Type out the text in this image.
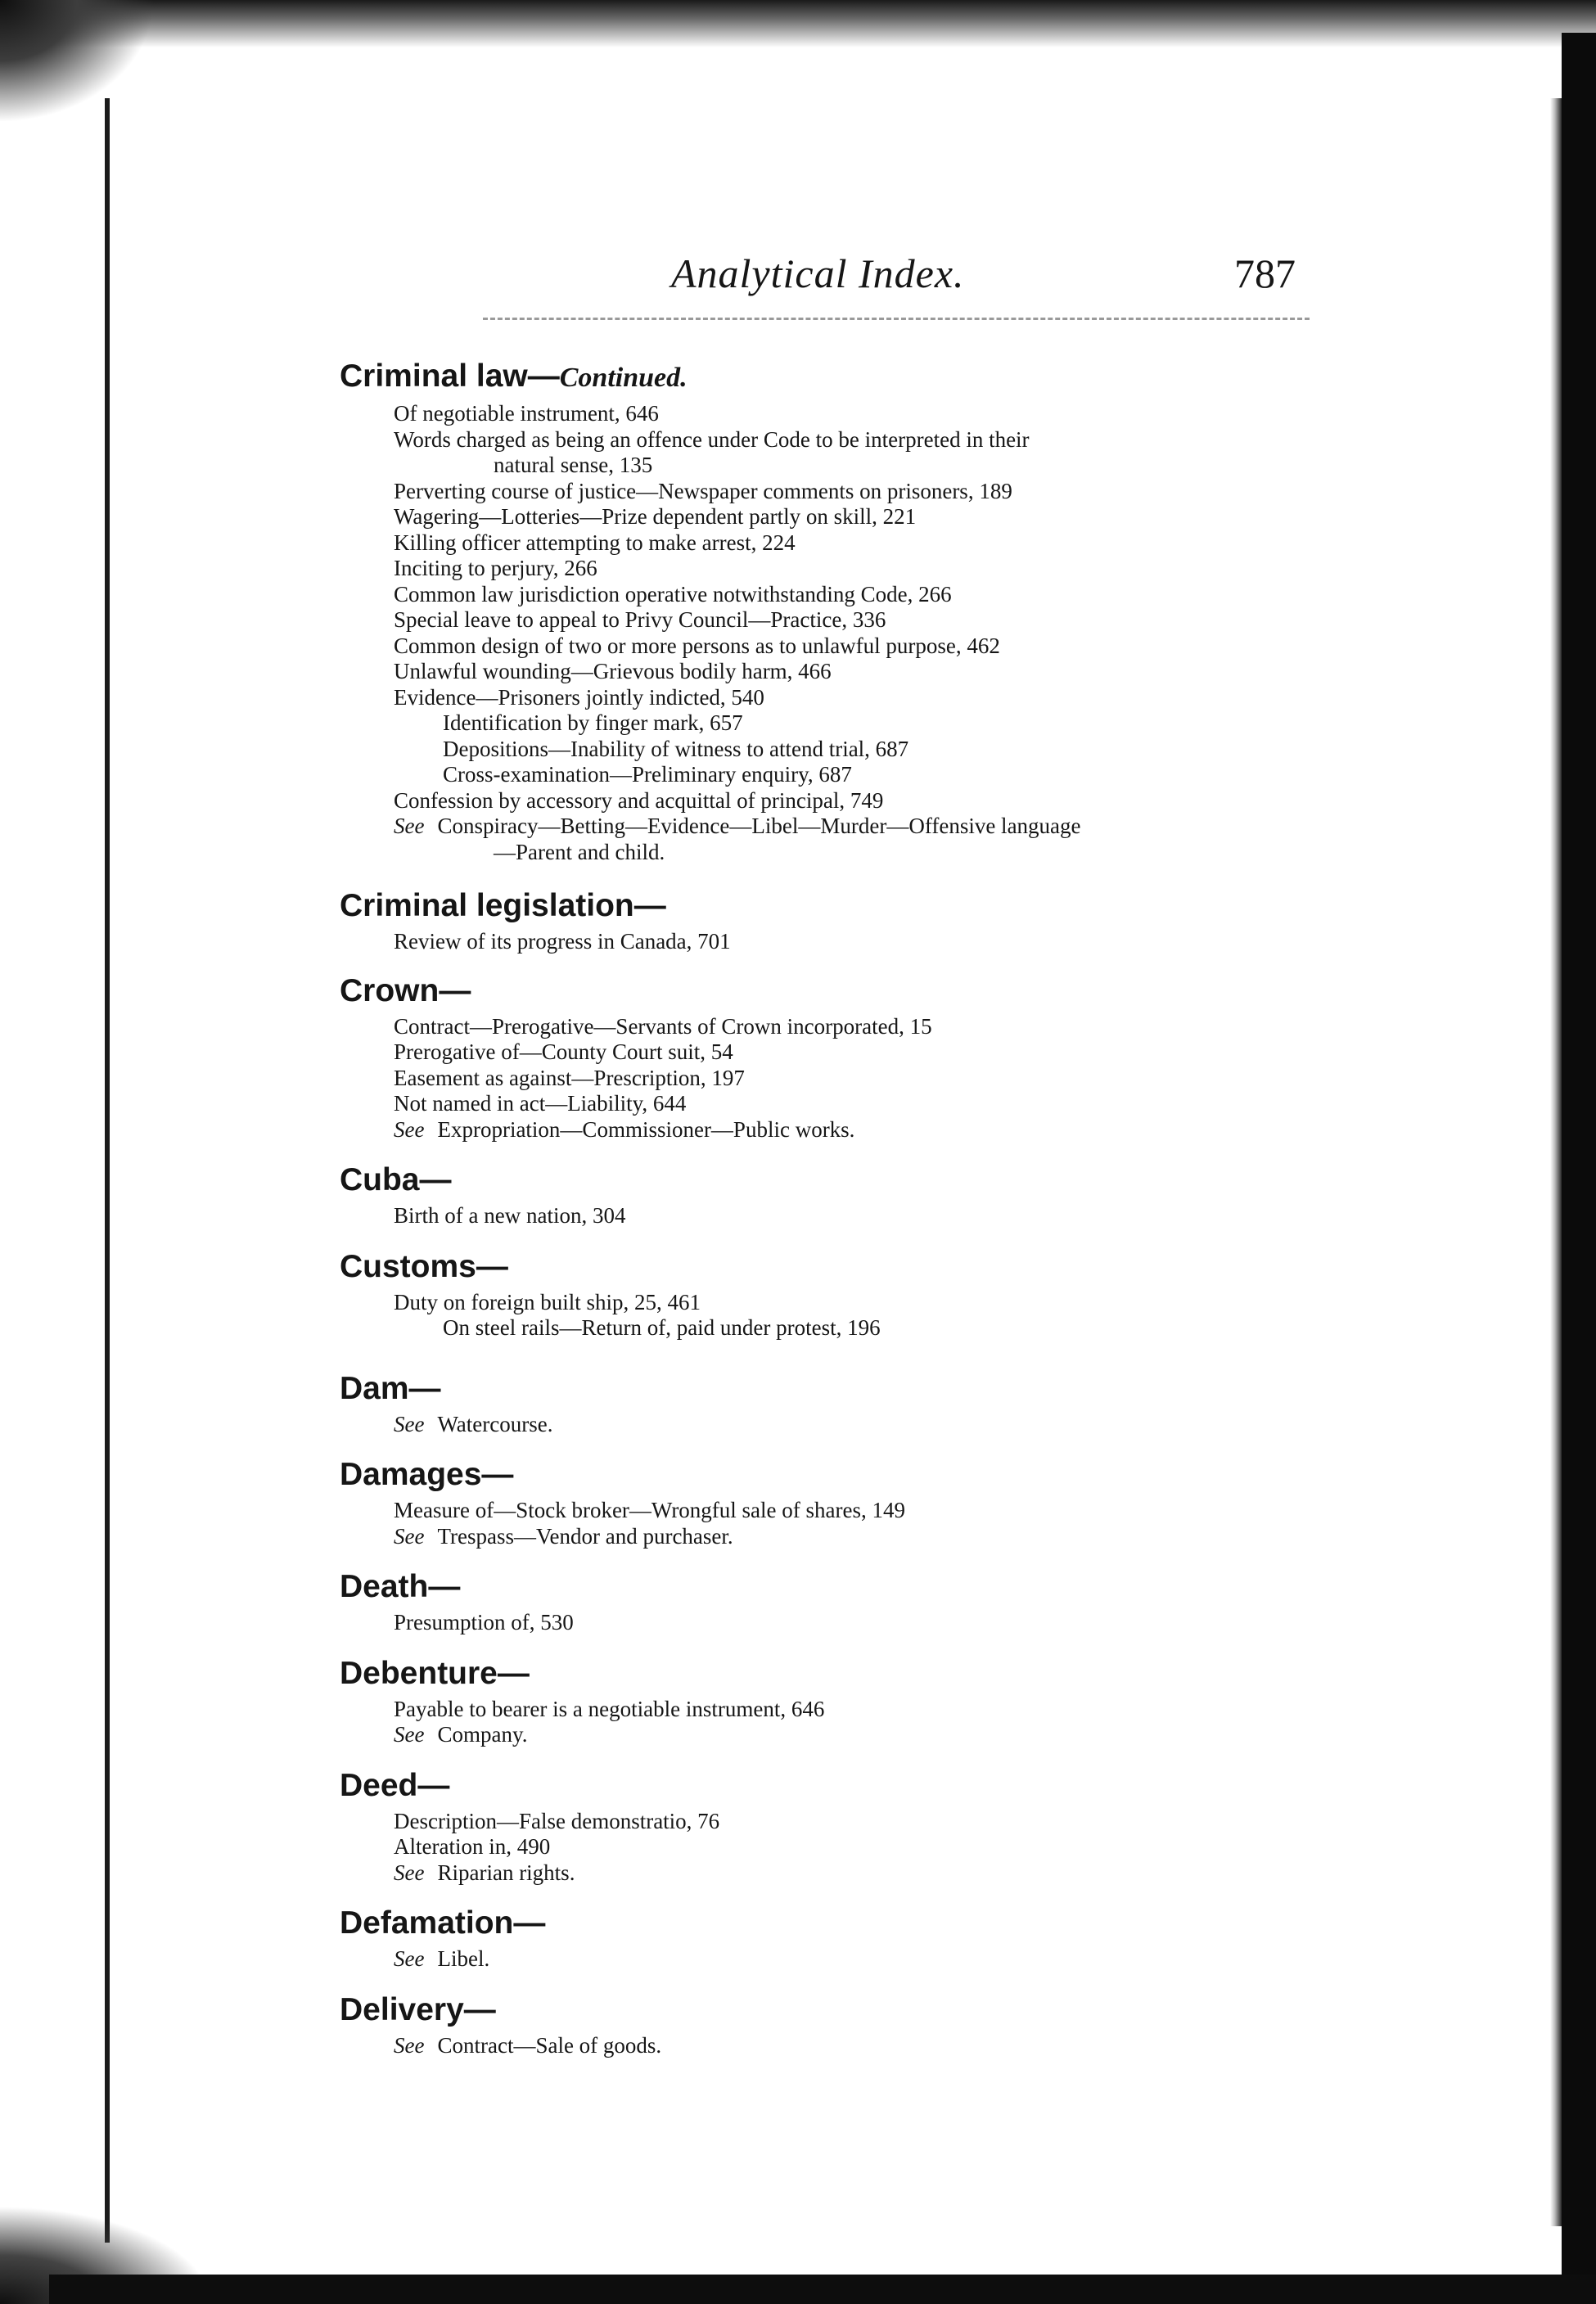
Analytical Index.	787
Criminal law—Continued.
Of negotiable instrument, 646
Words charged as being an offence under Code to be interpreted in their
natural sense, 135
Perverting course of justice—Newspaper comments on prisoners, 189
Wagering—Lotteries—Prize dependent partly on skill, 221
Killing officer attempting to make arrest, 224
Inciting to perjury, 266
Common law jurisdiction operative notwithstanding Code, 266
Special leave to appeal to Privy Council—Practice, 336
Common design of two or more persons as to unlawful purpose, 462
Unlawful wounding—Grievous bodily harm, 466
Evidence—Prisoners jointly indicted, 540
Identification by finger mark, 657
Depositions—Inability of witness to attend trial, 687
Cross-examination—Preliminary enquiry, 687
Confession by accessory and acquittal of principal, 749
See Conspiracy—Betting—Evidence—Libel—Murder—Offensive language
—Parent and child.
Criminal legislation—
Review of its progress in Canada, 701
Crown—
Contract—Prerogative—Servants of Crown incorporated, 15
Prerogative of—County Court suit, 54
Easement as against—Prescription, 197
Not named in act—Liability, 644
See Expropriation—Commissioner—Public works.
Cuba—
Birth of a new nation, 304
Customs—
Duty on foreign built ship, 25, 461
On steel rails—Return of, paid under protest, 196
Dam—
See Watercourse.
Damages—
Measure of—Stock broker—Wrongful sale of shares, 149
See Trespass—Vendor and purchaser.
Death—
Presumption of, 530
Debenture—
Payable to bearer is a negotiable instrument, 646
See Company.
Deed—
Description—False demonstratio, 76
Alteration in, 490
See Riparian rights.
Defamation—
See Libel.
Delivery—
See Contract—Sale of goods.
